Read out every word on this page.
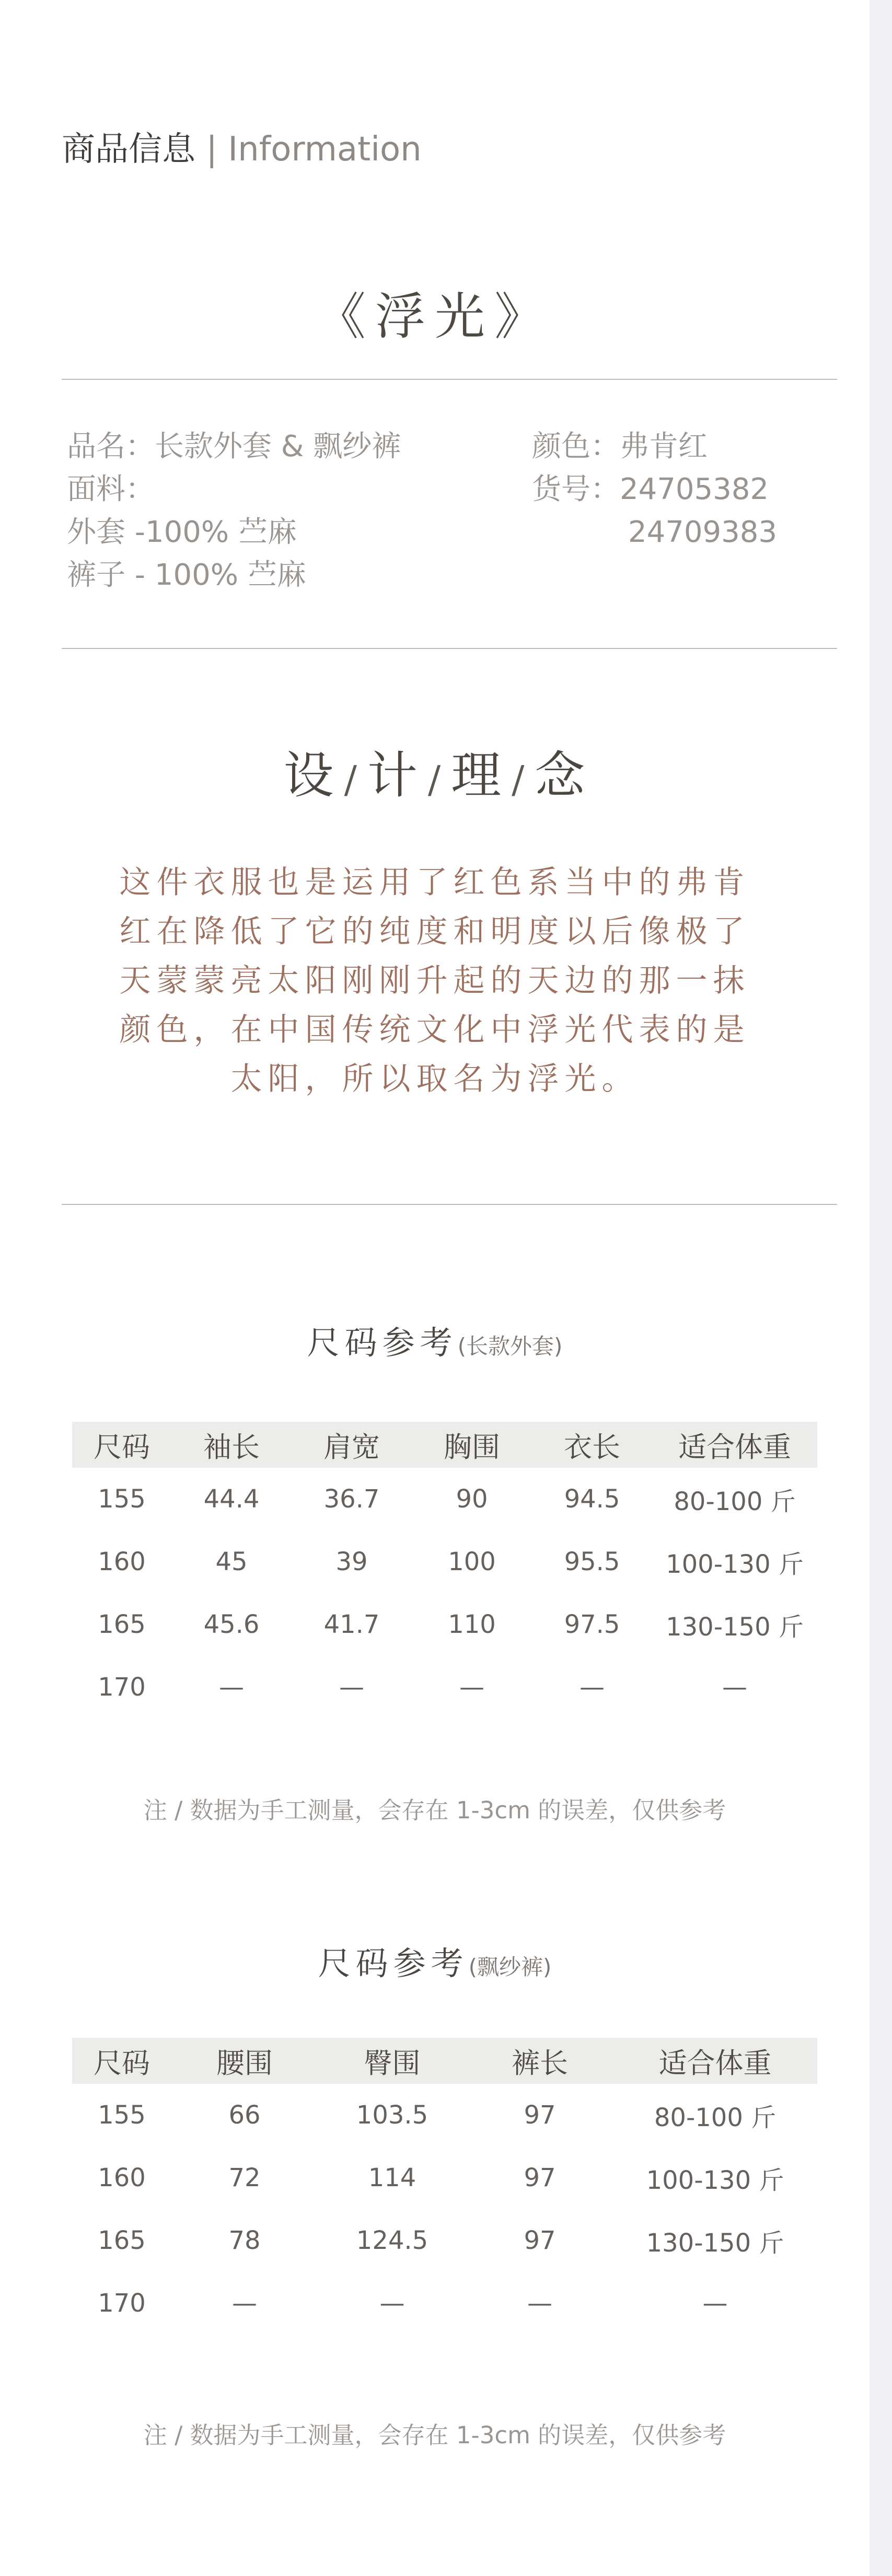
商品信息 | Information
《浮光》
品名：长款外套 & 飘纱裤
面料：
外套 -100% 苎麻
裤子 - 100% 苎麻
颜色：弗肯红
货号：24705382
24709383
设 / 计 / 理 / 念
这件衣服也是运用了红色系当中的弗肯
红在降低了它的纯度和明度以后像极了
天蒙蒙亮太阳刚刚升起的天边的那一抹
颜色，在中国传统文化中浮光代表的是
太阳，所以取名为浮光。
尺码参考(长款外套)
尺码	袖长	肩宽	胸围	衣长	适合体重
155	44.4	36.7	90	94.5	80-100 斤
160	45	39	100	95.5	100-130 斤
165	45.6	41.7	110	97.5	130-150 斤
170	—	—	—	—	—
注 / 数据为手工测量，会存在 1-3cm 的误差，仅供参考
尺码参考(飘纱裤)
尺码	腰围	臀围	裤长	适合体重
155	66	103.5	97	80-100 斤
160	72	114	97	100-130 斤
165	78	124.5	97	130-150 斤
170	—	—	—	—
注 / 数据为手工测量，会存在 1-3cm 的误差，仅供参考
